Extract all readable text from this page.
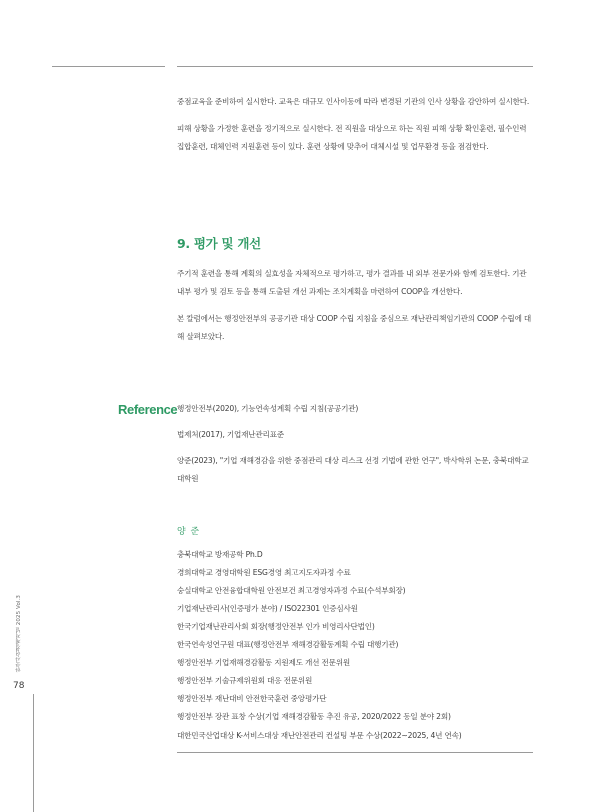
중점교육을 준비하여 실시한다. 교육은 대규모 인사이동에 따라 변경된 기관의 인사 상황을 감안하여 실시한다.

피해 상황을 가정한 훈련을 정기적으로 실시한다. 전 직원을 대상으로 하는 직원 피해 상황 확인훈련, 필수인력 집합훈련, 대체인력 지원훈련 등이 있다. 훈련 상황에 맞추어 대체시설 및 업무환경 등을 점검한다.

9. 평가 및 개선

주기적 훈련을 통해 계획의 실효성을 자체적으로 평가하고, 평가 결과를 내 외부 전문가와 함께 검토한다. 기관 내부 평가 및 검토 등을 통해 도출된 개선 과제는 조치계획을 마련하여 COOP을 개선한다.

본 칼럼에서는 행정안전부의 공공기관 대상 COOP 수립 지침을 중심으로 재난관리책임기관의 COOP 수립에 대해 살펴보았다.

Reference 행정안전부(2020), 기능연속성계획 수립 지침(공공기관)

법제처(2017), 기업재난관리표준

양준(2023), "기업 재해경감을 위한 중점관리 대상 리스크 선정 기법에 관한 연구", 박사학위 논문, 충북대학교 대학원

양 준
충북대학교 방재공학 Ph.D
경희대학교 경영대학원 ESG경영 최고지도자과정 수료
숭실대학교 안전융합대학원 안전보건 최고경영자과정 수료(수석부회장)
기업재난관리사(인증평가 분야) / ISO22301 인증심사원
한국기업재난관리사회 회장(행정안전부 인가 비영리사단법인)
한국연속성연구원 대표(행정안전부 재해경감활동계획 수립 대행기관)
행정안전부 기업재해경감활동 지원제도 개선 전문위원
행정안전부 기술규제위원회 대응 전문위원
행정안전부 재난대비 안전한국훈련 중앙평가단
행정안전부 장관 표창 수상(기업 재해경감활동 추진 유공, 2020/2022 동일 분야 2회)
대한민국산업대상 K-서비스대상 재난안전관리 컨설팅 부문 수상(2022~2025, 4년 연속)
한국산업경제저널 2025 Vol.3
78
